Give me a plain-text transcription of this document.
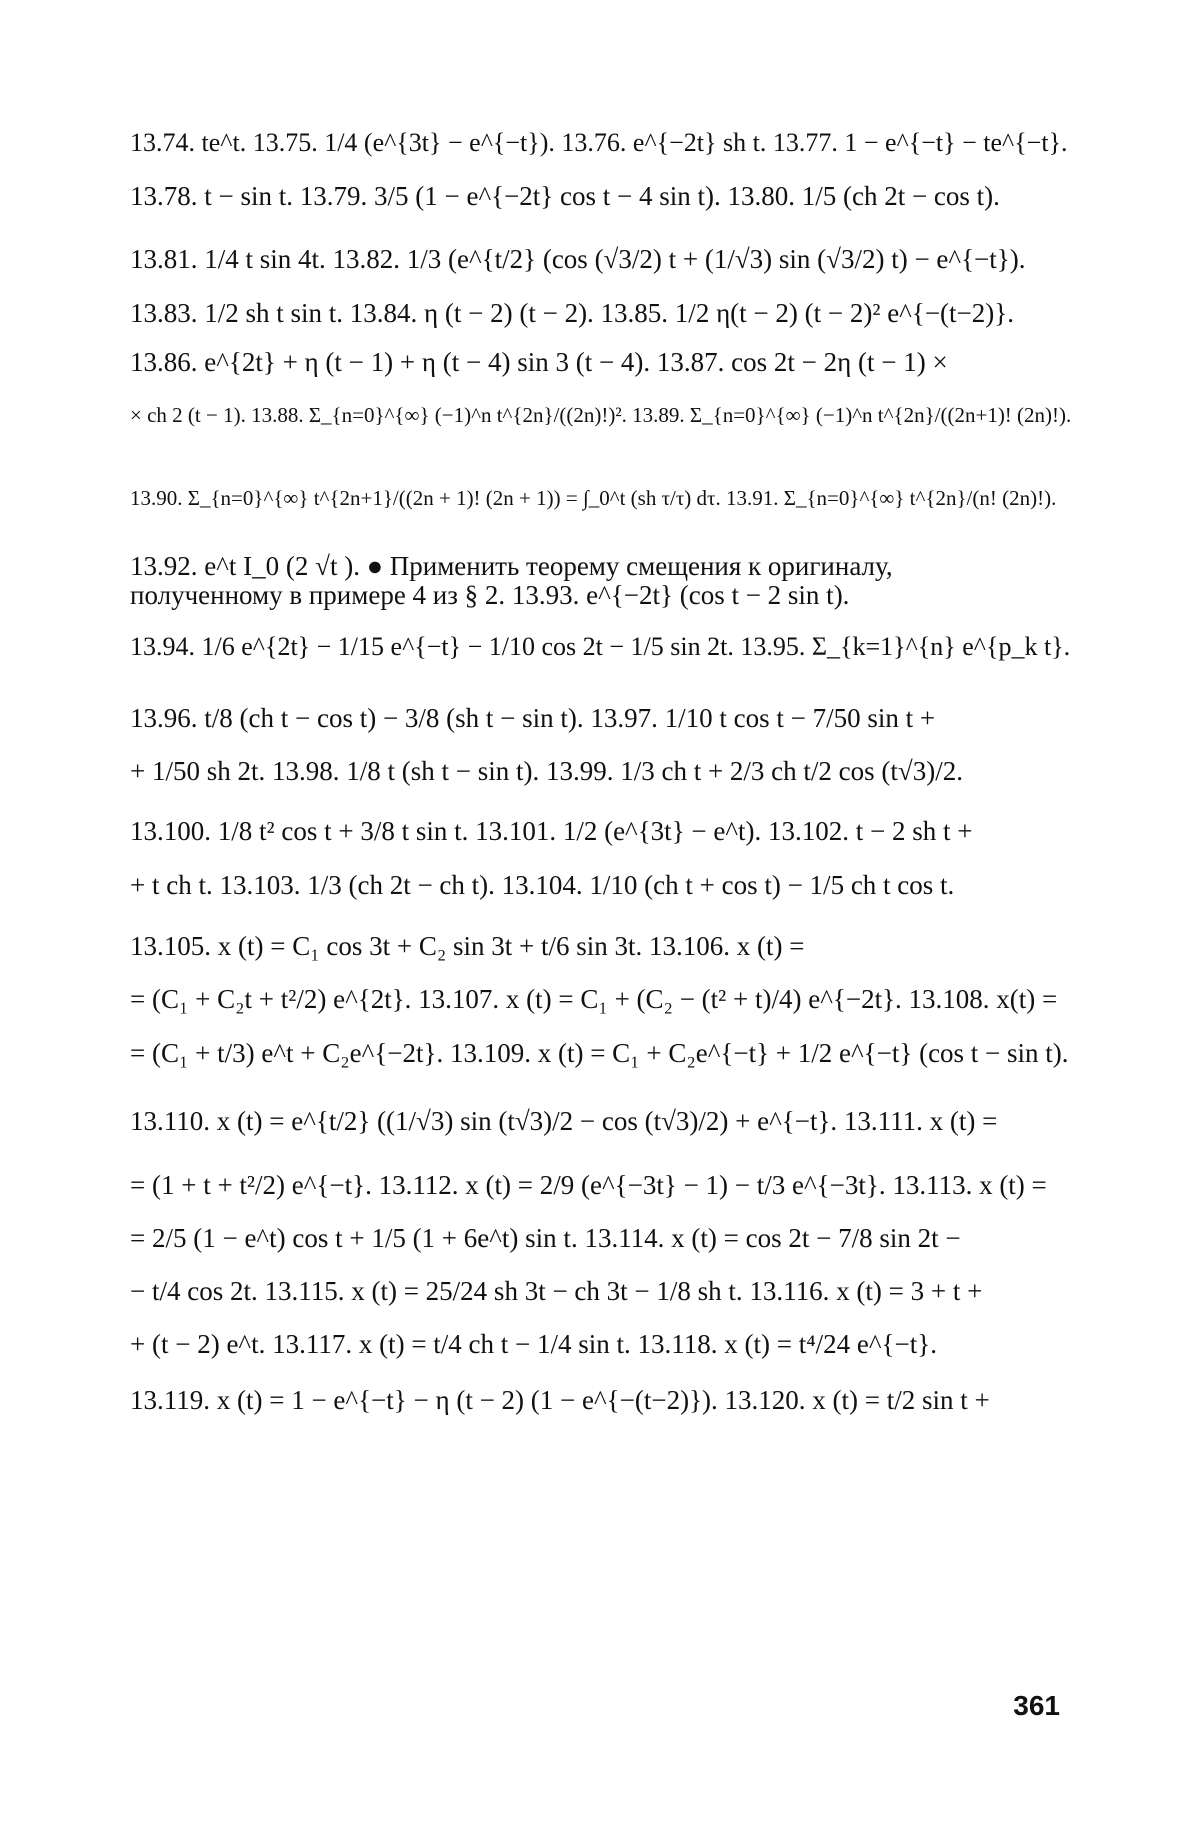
13.74. te^t. 13.75. 1/4 (e^{3t} − e^{−t}). 13.76. e^{−2t} sh t. 13.77. 1 − e^{−t} − te^{−t}.
13.78. t − sin t. 13.79. 3/5 (1 − e^{−2t} cos t − 4 sin t). 13.80. 1/5 (ch 2t − cos t).
13.81. 1/4 t sin 4t. 13.82. 1/3 (e^{t/2} (cos (√3/2) t + (1/√3) sin (√3/2) t) − e^{−t}).
13.83. 1/2 sh t sin t. 13.84. η (t − 2) (t − 2). 13.85. 1/2 η(t − 2) (t − 2)² e^{−(t−2)}.
13.86. e^{2t} + η (t − 1) + η (t − 4) sin 3 (t − 4). 13.87. cos 2t − 2η (t − 1) ×
× ch 2 (t − 1). 13.88. Σ_{n=0}^{∞} (−1)^n t^{2n}/((2n)!)². 13.89. Σ_{n=0}^{∞} (−1)^n t^{2n}/((2n+1)! (2n)!).
13.90. Σ_{n=0}^{∞} t^{2n+1}/((2n + 1)! (2n + 1)) = ∫_0^t (sh τ/τ) dτ. 13.91. Σ_{n=0}^{∞} t^{2n}/(n! (2n)!).
13.92. e^t I_0 (2 √t ). ● Применить теорему смещения к оригиналу,
полученному в примере 4 из § 2. 13.93. e^{−2t} (cos t − 2 sin t).
13.94. 1/6 e^{2t} − 1/15 e^{−t} − 1/10 cos 2t − 1/5 sin 2t. 13.95. Σ_{k=1}^{n} e^{p_k t}.
13.96. t/8 (ch t − cos t) − 3/8 (sh t − sin t). 13.97. 1/10 t cos t − 7/50 sin t +
+ 1/50 sh 2t. 13.98. 1/8 t (sh t − sin t). 13.99. 1/3 ch t + 2/3 ch t/2 cos (t√3)/2.
13.100. 1/8 t² cos t + 3/8 t sin t. 13.101. 1/2 (e^{3t} − e^t). 13.102. t − 2 sh t +
+ t ch t. 13.103. 1/3 (ch 2t − ch t). 13.104. 1/10 (ch t + cos t) − 1/5 ch t cos t.
13.105. x (t) = C₁ cos 3t + C₂ sin 3t + t/6 sin 3t. 13.106. x (t) =
= (C₁ + C₂t + t²/2) e^{2t}. 13.107. x (t) = C₁ + (C₂ − (t² + t)/4) e^{−2t}. 13.108. x(t) =
= (C₁ + t/3) e^t + C₂e^{−2t}. 13.109. x (t) = C₁ + C₂e^{−t} + 1/2 e^{−t} (cos t − sin t).
13.110. x (t) = e^{t/2} ((1/√3) sin (t√3)/2 − cos (t√3)/2) + e^{−t}. 13.111. x (t) =
= (1 + t + t²/2) e^{−t}. 13.112. x (t) = 2/9 (e^{−3t} − 1) − t/3 e^{−3t}. 13.113. x (t) =
= 2/5 (1 − e^t) cos t + 1/5 (1 + 6e^t) sin t. 13.114. x (t) = cos 2t − 7/8 sin 2t −
− t/4 cos 2t. 13.115. x (t) = 25/24 sh 3t − ch 3t − 1/8 sh t. 13.116. x (t) = 3 + t +
+ (t − 2) e^t. 13.117. x (t) = t/4 ch t − 1/4 sin t. 13.118. x (t) = t⁴/24 e^{−t}.
13.119. x (t) = 1 − e^{−t} − η (t − 2) (1 − e^{−(t−2)}). 13.120. x (t) = t/2 sin t +
361
